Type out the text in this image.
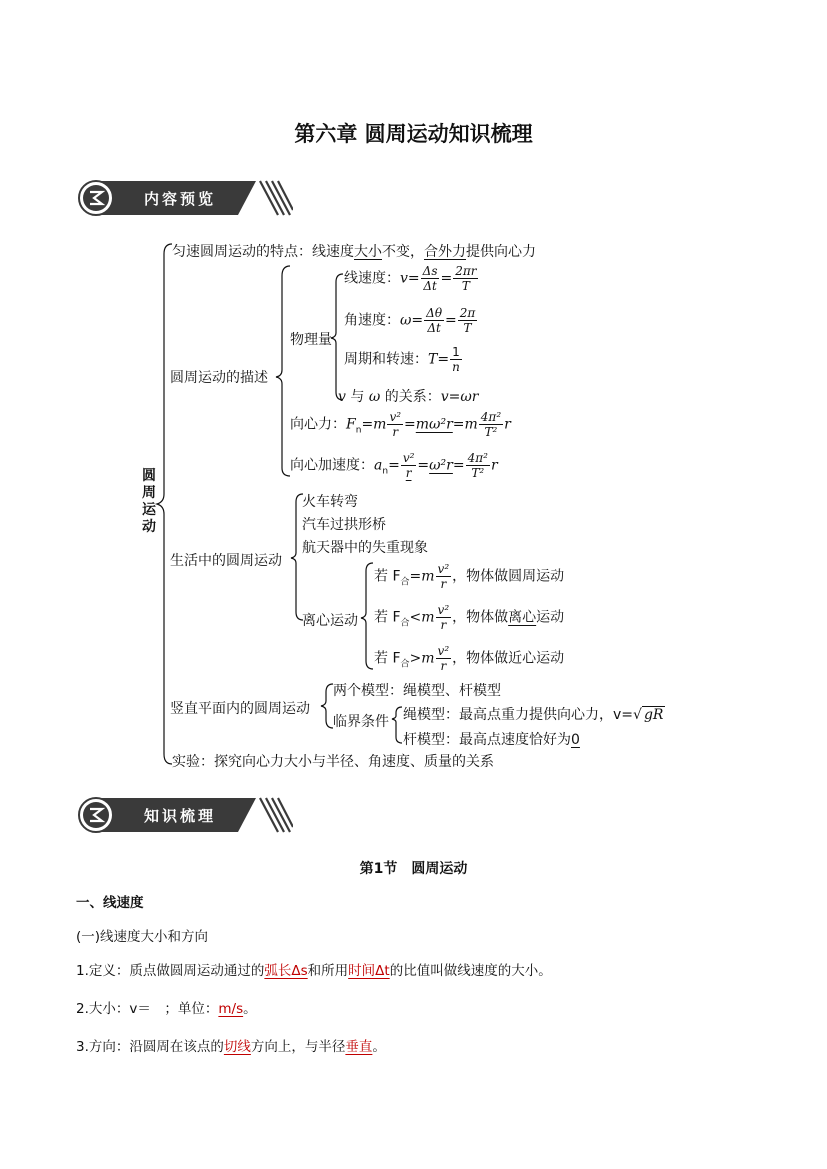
第六章 圆周运动知识梳理
内容预览
圆周运动
匀速圆周运动的特点：线速度大小不变，合外力提供向心力
圆周运动的描述
物理量
线速度：$v= \frac{\Delta s}{\Delta t} = \frac{2\pi r}{T}$
角速度：$\omega= \frac{\Delta\theta}{\Delta t} = \frac{2\pi}{T}$
周期和转速：$T= \frac{1}{n}$
v 与 ω 的关系：v=ωr
向心力：$F_n=m \frac{\text{v²}}{r} =m\omega^2r=m \frac{\text{4π²}}{\text{T²}}$ r
向心加速度：$a_n= \frac{\text{v²}}{r} =\omega^2r= \frac{\text{4π²}}{\text{T²}}$ r
生活中的圆周运动
火车转弯
汽车过拱形桥
航天器中的失重现象
离心运动
若 $F_合=m \frac{\text{v²}}{r}$ ，物体做圆周运动
若 $F_合<m \frac{\text{v²}}{r}$ ，物体做离心运动
若 $F_合>m \frac{\text{v²}}{r}$ ，物体做近心运动
竖直平面内的圆周运动
两个模型：绳模型、杆模型
临界条件 绳模型：最高点重力提供向心力，v=√ gR
杆模型：最高点速度恰好为0
实验：探究向心力大小与半径、角速度、质量的关系
知识梳理
第1节　圆周运动
一、线速度
(一)线速度大小和方向
1.定义：质点做圆周运动通过的弧长Δs和所用时间Δt的比值叫做线速度的大小。
2.大小：v＝　；单位：m/s。
3.方向：沿圆周在该点的切线方向上，与半径垂直。
